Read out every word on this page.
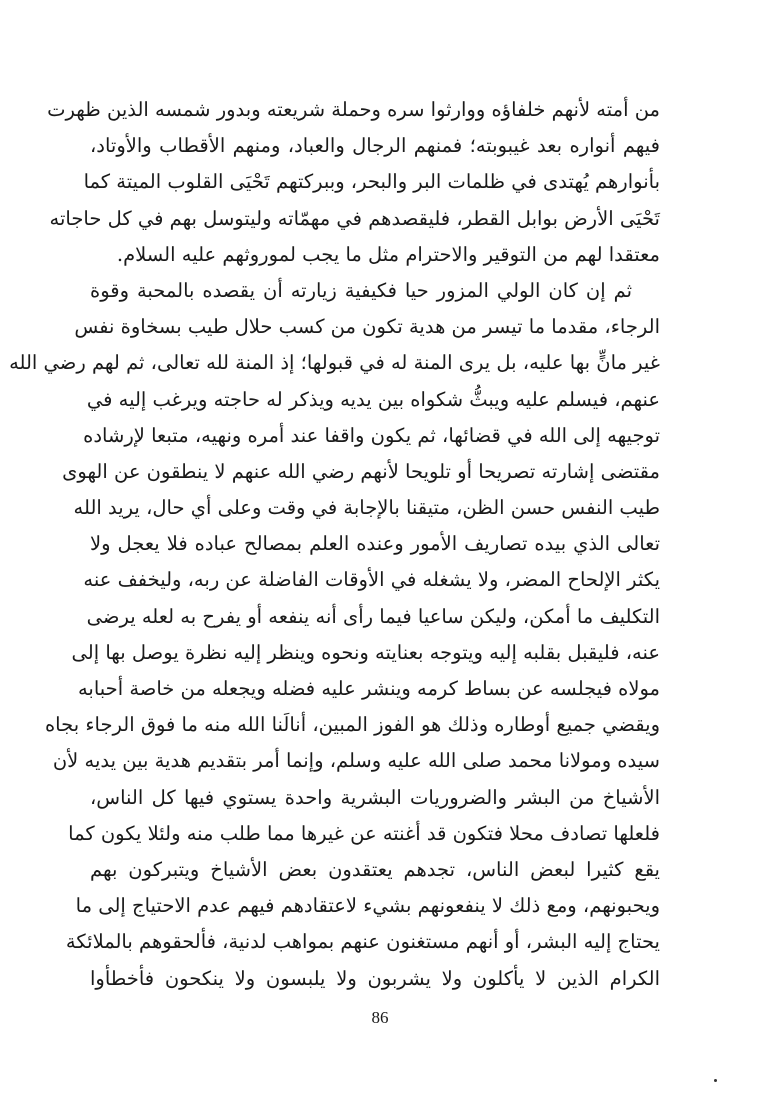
من أمته لأنهم خلفاؤه ووارثوا سره وحملة شريعته وبدور شمسه الذين ظهرت
فيهم أنواره بعد غيبوبته؛ فمنهم الرجال والعباد، ومنهم الأقطاب والأوتاد،
بأنوارهم يُهتدى في ظلمات البر والبحر، وببركتهم تَحْيَى القلوب الميتة كما
تَحْيَى الأرض بوابل القطر، فليقصدهم في مهمّاته وليتوسل بهم في كل حاجاته
معتقدا لهم من التوقير والاحترام مثل ما يجب لموروثهم عليه السلام.
ثم إن كان الولي المزور حيا فكيفية زيارته أن يقصده بالمحبة وقوة
الرجاء، مقدما ما تيسر من هدية تكون من كسب حلال طيب بسخاوة نفس
غير مانٍّ بها عليه، بل يرى المنة له في قبولها؛ إذ المنة لله تعالى، ثم لهم رضي الله
عنهم، فيسلم عليه ويبثُّ شكواه بين يديه ويذكر له حاجته ويرغب إليه في
توجيهه إلى الله في قضائها، ثم يكون واقفا عند أمره ونهيه، متبعا لإرشاده
مقتضى إشارته تصريحا أو تلويحا لأنهم رضي الله عنهم لا ينطقون عن الهوى
طيب النفس حسن الظن، متيقنا بالإجابة في وقت وعلى أي حال، يريد الله
تعالى الذي بيده تصاريف الأمور وعنده العلم بمصالح عباده فلا يعجل ولا
يكثر الإلحاح المضر، ولا يشغله في الأوقات الفاضلة عن ربه، وليخفف عنه
التكليف ما أمكن، وليكن ساعيا فيما رأى أنه ينفعه أو يفرح به لعله يرضى
عنه، فليقبل بقلبه إليه ويتوجه بعنايته ونحوه وينظر إليه نظرة يوصل بها إلى
مولاه فيجلسه عن بساط كرمه وينشر عليه فضله ويجعله من خاصة أحبابه
ويقضي جميع أوطاره وذلك هو الفوز المبين، أنالَنا الله منه ما فوق الرجاء بجاه
سيده ومولانا محمد صلى الله عليه وسلم، وإنما أمر بتقديم هدية بين يديه لأن
الأشياخ من البشر والضروريات البشرية واحدة يستوي فيها كل الناس،
فلعلها تصادف محلا فتكون قد أغنته عن غيرها مما طلب منه ولئلا يكون كما
يقع كثيرا لبعض الناس، تجدهم يعتقدون بعض الأشياخ ويتبركون بهم
ويحبونهم، ومع ذلك لا ينفعونهم بشيء لاعتقادهم فيهم عدم الاحتياج إلى ما
يحتاج إليه البشر، أو أنهم مستغنون عنهم بمواهب لدنية، فألحقوهم بالملائكة
الكرام الذين لا يأكلون ولا يشربون ولا يلبسون ولا ينكحون فأخطأوا
86
